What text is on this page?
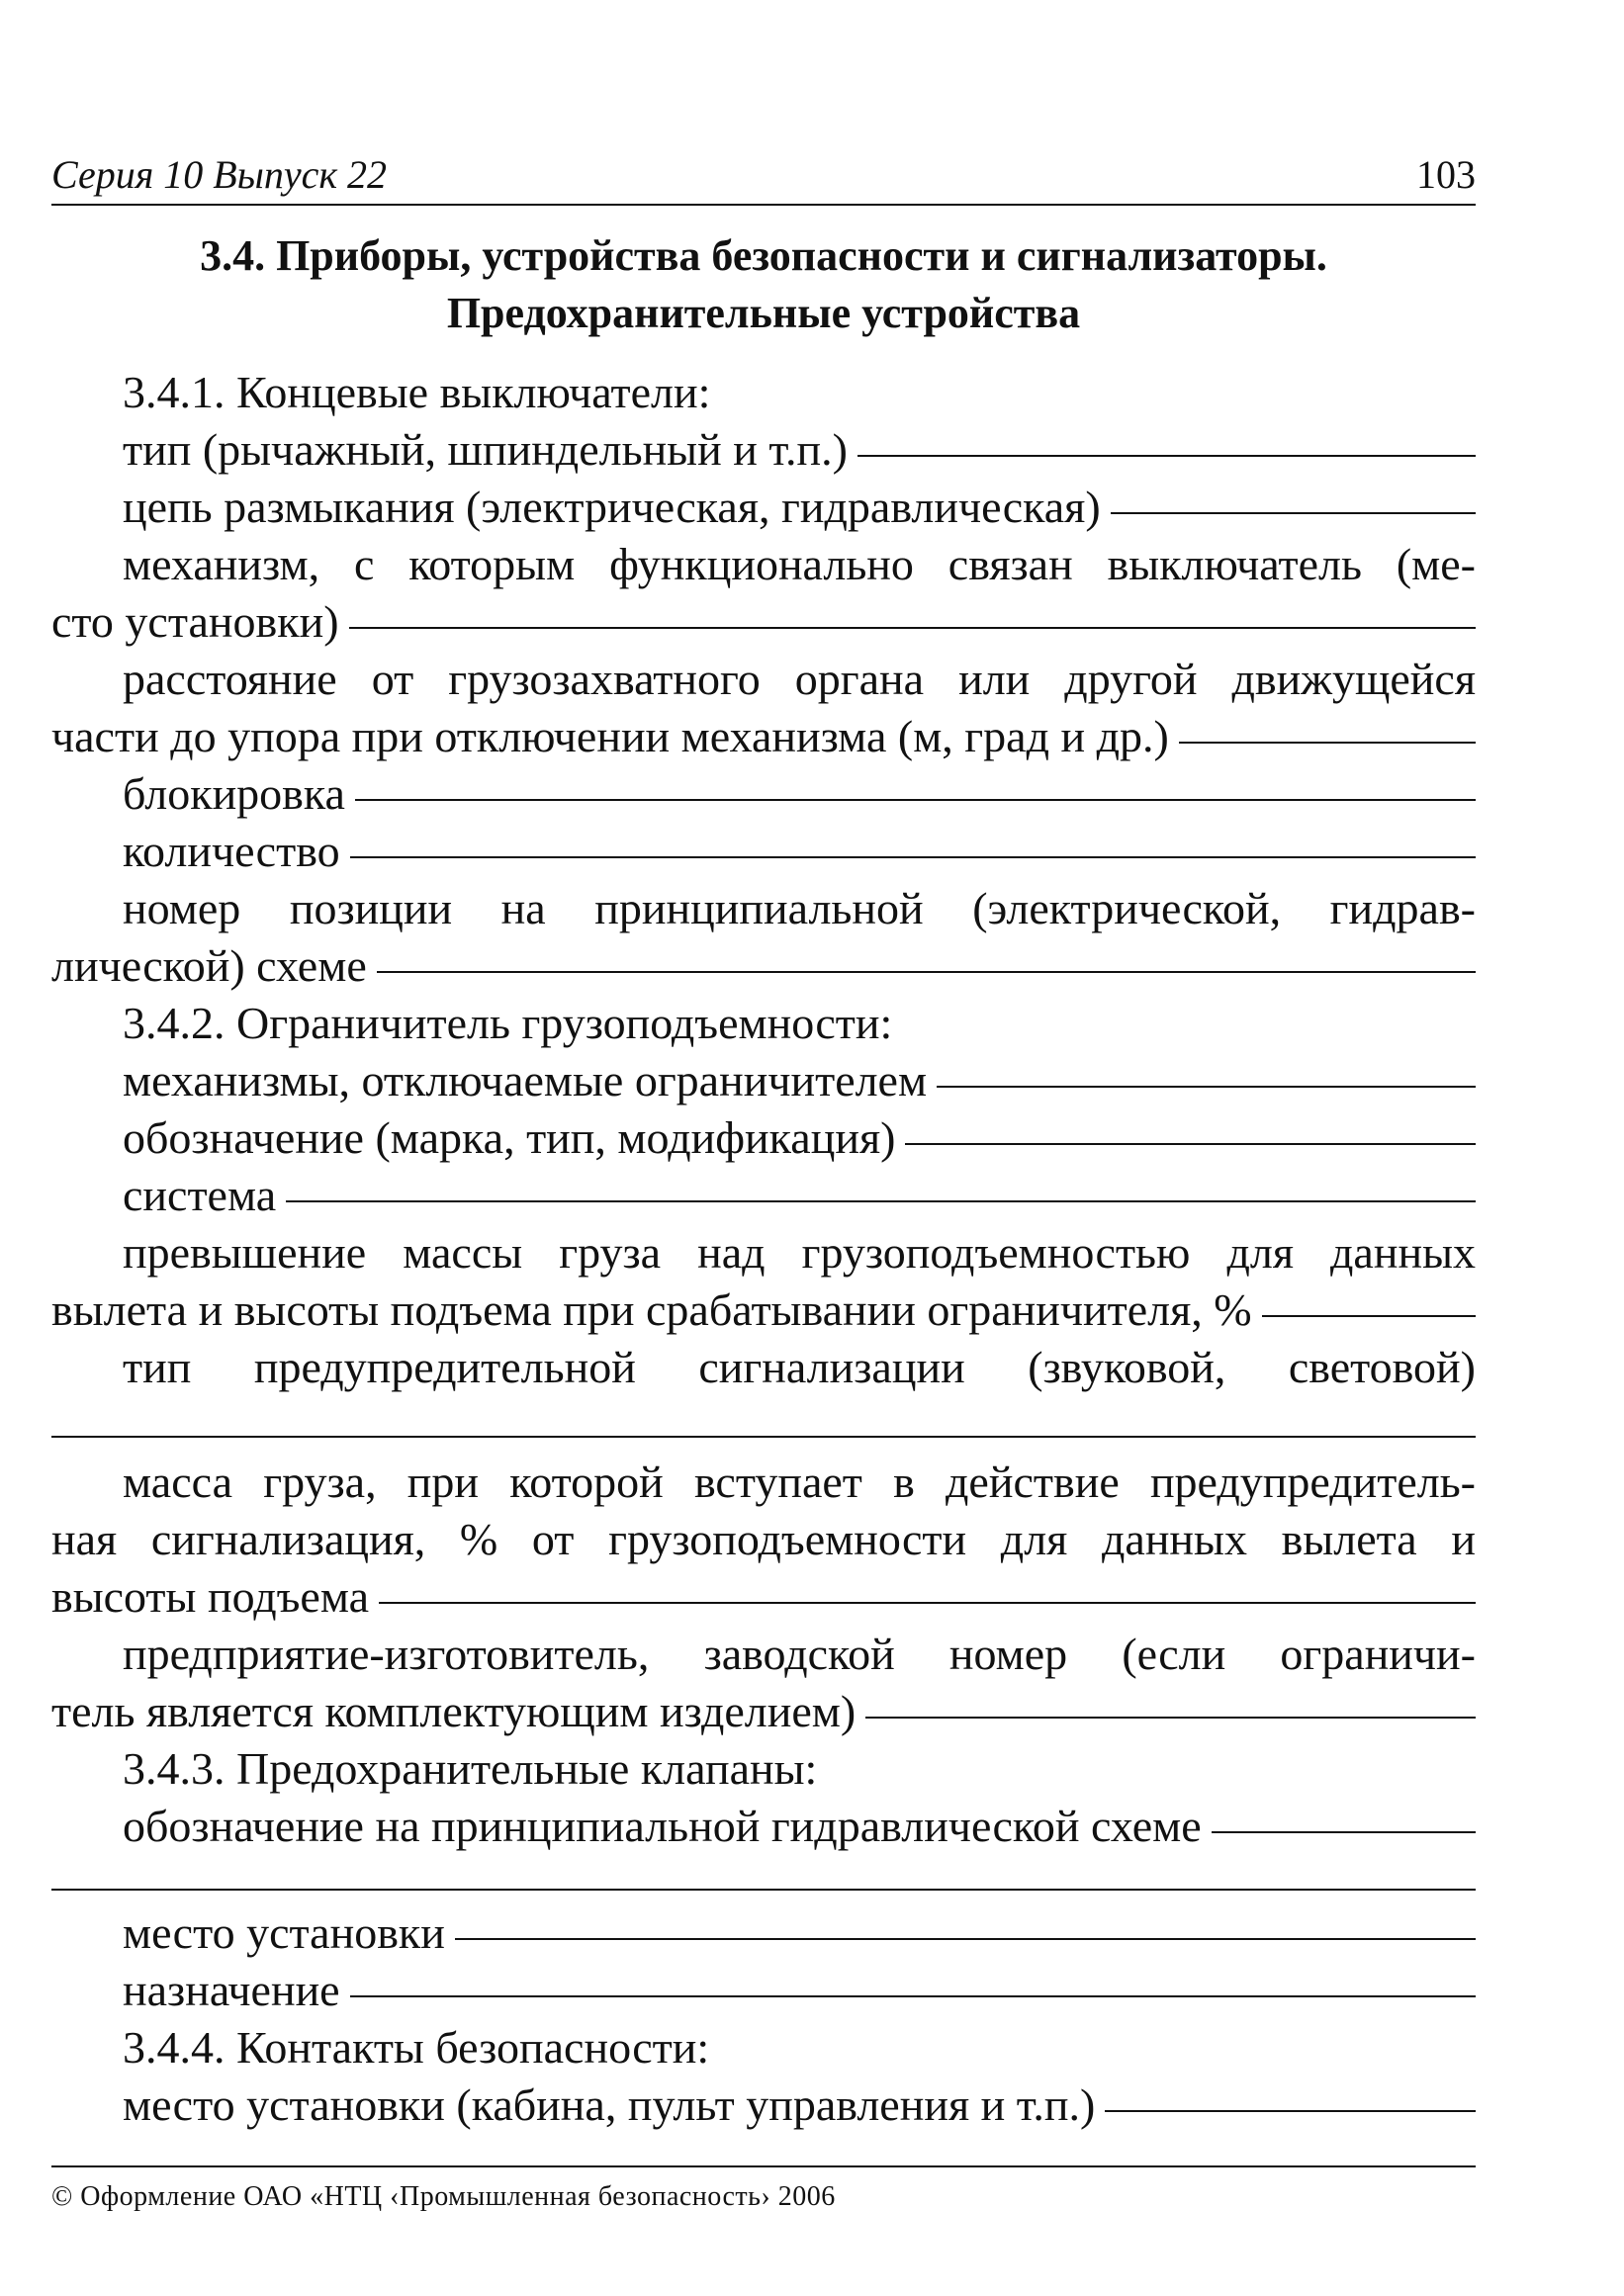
Серия 10 Выпуск 22	103
3.4. Приборы, устройства безопасности и сигнализаторы.
Предохранительные устройства
3.4.1. Концевые выключатели:
тип (рычажный, шпиндельный и т.п.)
цепь размыкания (электрическая, гидравлическая)
механизм, с которым функционально связан выключатель (ме-
сто установки)
расстояние от грузозахватного органа или другой движущейся
части до упора при отключении механизма (м, град и др.)
блокировка
количество
номер позиции на принципиальной (электрической, гидрав-
лической) схеме
3.4.2. Ограничитель грузоподъемности:
механизмы, отключаемые ограничителем
обозначение (марка, тип, модификация)
система
превышение массы груза над грузоподъемностью для данных
вылета и высоты подъема при срабатывании ограничителя, %
тип предупредительной сигнализации (звуковой, световой)
масса груза, при которой вступает в действие предупредитель-
ная сигнализация, % от грузоподъемности для данных вылета и
высоты подъема
предприятие-изготовитель, заводской номер (если ограничи-
тель является комплектующим изделием)
3.4.3. Предохранительные клапаны:
обозначение на принципиальной гидравлической схеме
место установки
назначение
3.4.4. Контакты безопасности:
место установки (кабина, пульт управления и т.п.)
© Оформление ОАО «НТЦ ‹Промышленная безопасность› 2006
